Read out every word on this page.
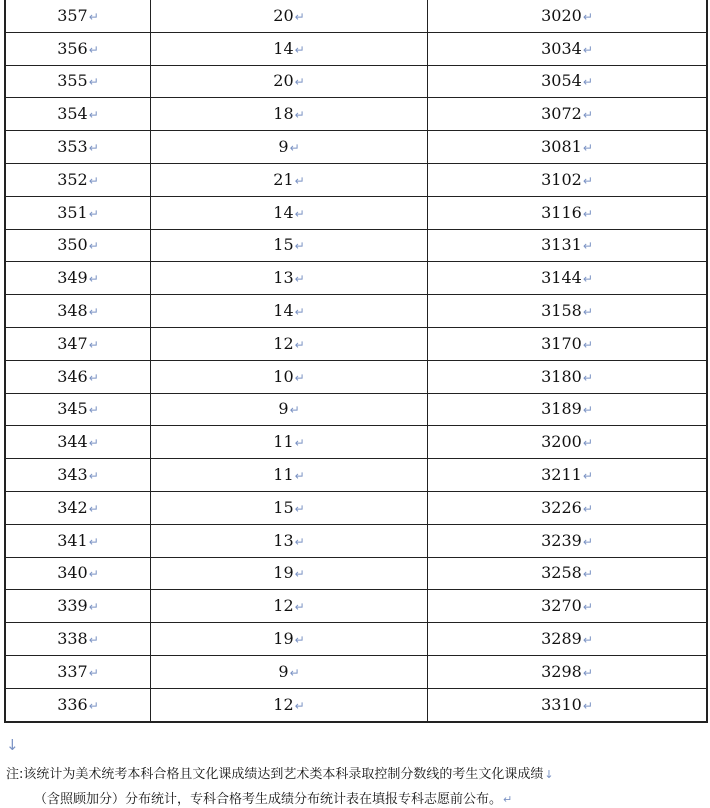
357↵	20↵	3020↵
356↵	14↵	3034↵
355↵	20↵	3054↵
354↵	18↵	3072↵
353↵	9↵	3081↵
352↵	21↵	3102↵
351↵	14↵	3116↵
350↵	15↵	3131↵
349↵	13↵	3144↵
348↵	14↵	3158↵
347↵	12↵	3170↵
346↵	10↵	3180↵
345↵	9↵	3189↵
344↵	11↵	3200↵
343↵	11↵	3211↵
342↵	15↵	3226↵
341↵	13↵	3239↵
340↵	19↵	3258↵
339↵	12↵	3270↵
338↵	19↵	3289↵
337↵	9↵	3298↵
336↵	12↵	3310↵
↓
注:该统计为美术统考本科合格且文化课成绩达到艺术类本科录取控制分数线的考生文化课成绩↓
（含照顾加分）分布统计，专科合格考生成绩分布统计表在填报专科志愿前公布。↵
